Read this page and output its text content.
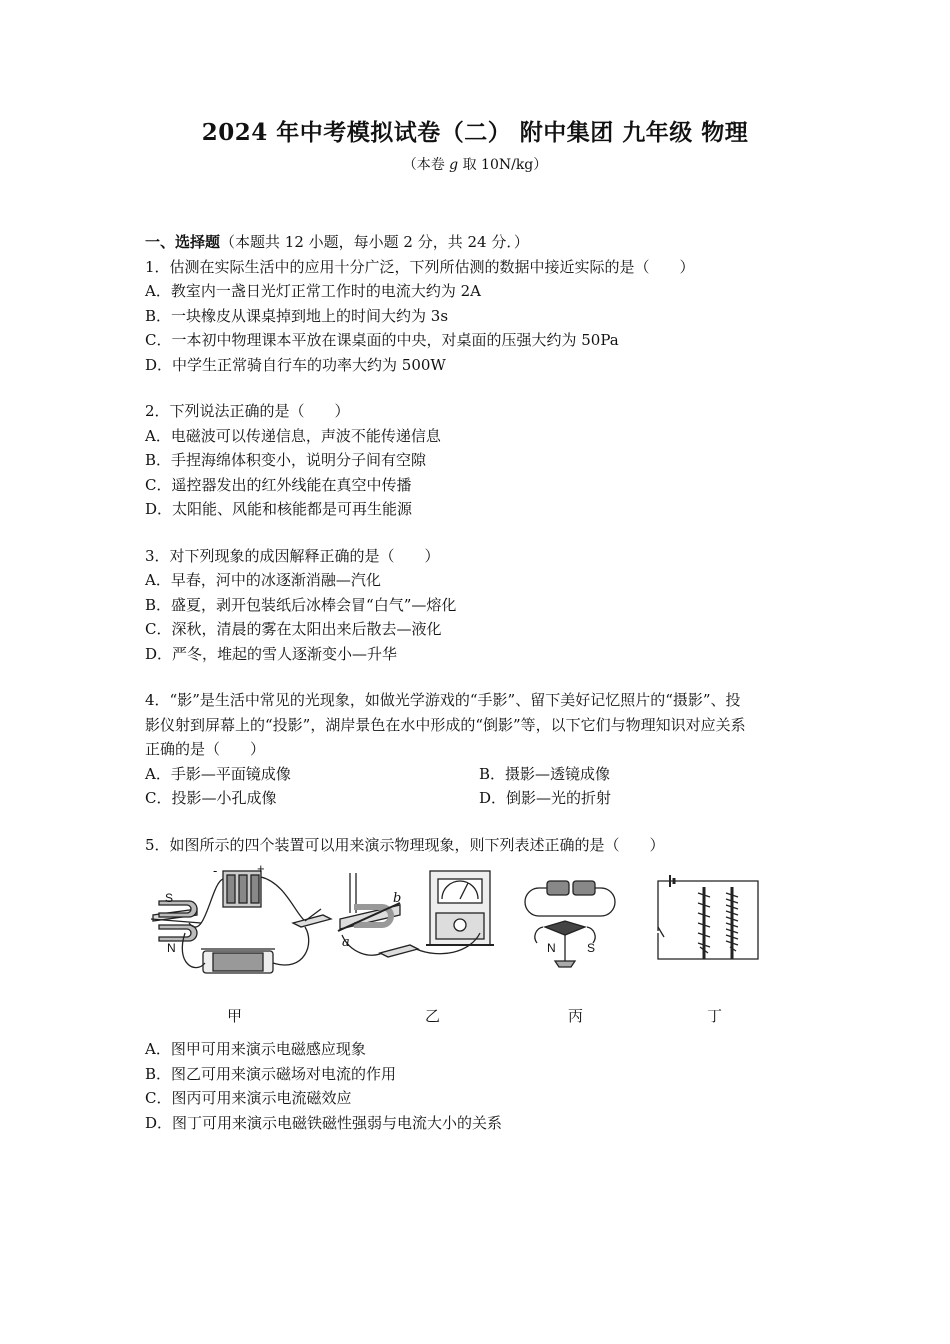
2024 年中考模拟试卷（二） 附中集团 九年级 物理
（本卷 g 取 10N/kg）
一、选择题（本题共 12 小题，每小题 2 分，共 24 分．）
1．估测在实际生活中的应用十分广泛，下列所估测的数据中接近实际的是（　　）
A．教室内一盏日光灯正常工作时的电流大约为 2A
B．一块橡皮从课桌掉到地上的时间大约为 3s
C．一本初中物理课本平放在课桌面的中央，对桌面的压强大约为 50Pa
D．中学生正常骑自行车的功率大约为 500W
2．下列说法正确的是（　　）
A．电磁波可以传递信息，声波不能传递信息
B．手捏海绵体积变小，说明分子间有空隙
C．遥控器发出的红外线能在真空中传播
D．太阳能、风能和核能都是可再生能源
3．对下列现象的成因解释正确的是（　　）
A．早春，河中的冰逐渐消融—汽化
B．盛夏，剥开包装纸后冰棒会冒“白气”—熔化
C．深秋，清晨的雾在太阳出来后散去—液化
D．严冬，堆起的雪人逐渐变小—升华
4．“影”是生活中常见的光现象，如做光学游戏的“手影”、留下美好记忆照片的“摄影”、投
影仪射到屏幕上的“投影”，湖岸景色在水中形成的“倒影”等，以下它们与物理知识对应关系
正确的是（　　）
A．手影—平面镜成像	B．摄影—透镜成像
C．投影—小孔成像	D．倒影—光的折射
5．如图所示的四个装置可以用来演示物理现象，则下列表述正确的是（　　）
S
N
+
-
a
b
N	S
甲	乙	丙	丁
A．图甲可用来演示电磁感应现象
B．图乙可用来演示磁场对电流的作用
C．图丙可用来演示电流磁效应
D．图丁可用来演示电磁铁磁性强弱与电流大小的关系
